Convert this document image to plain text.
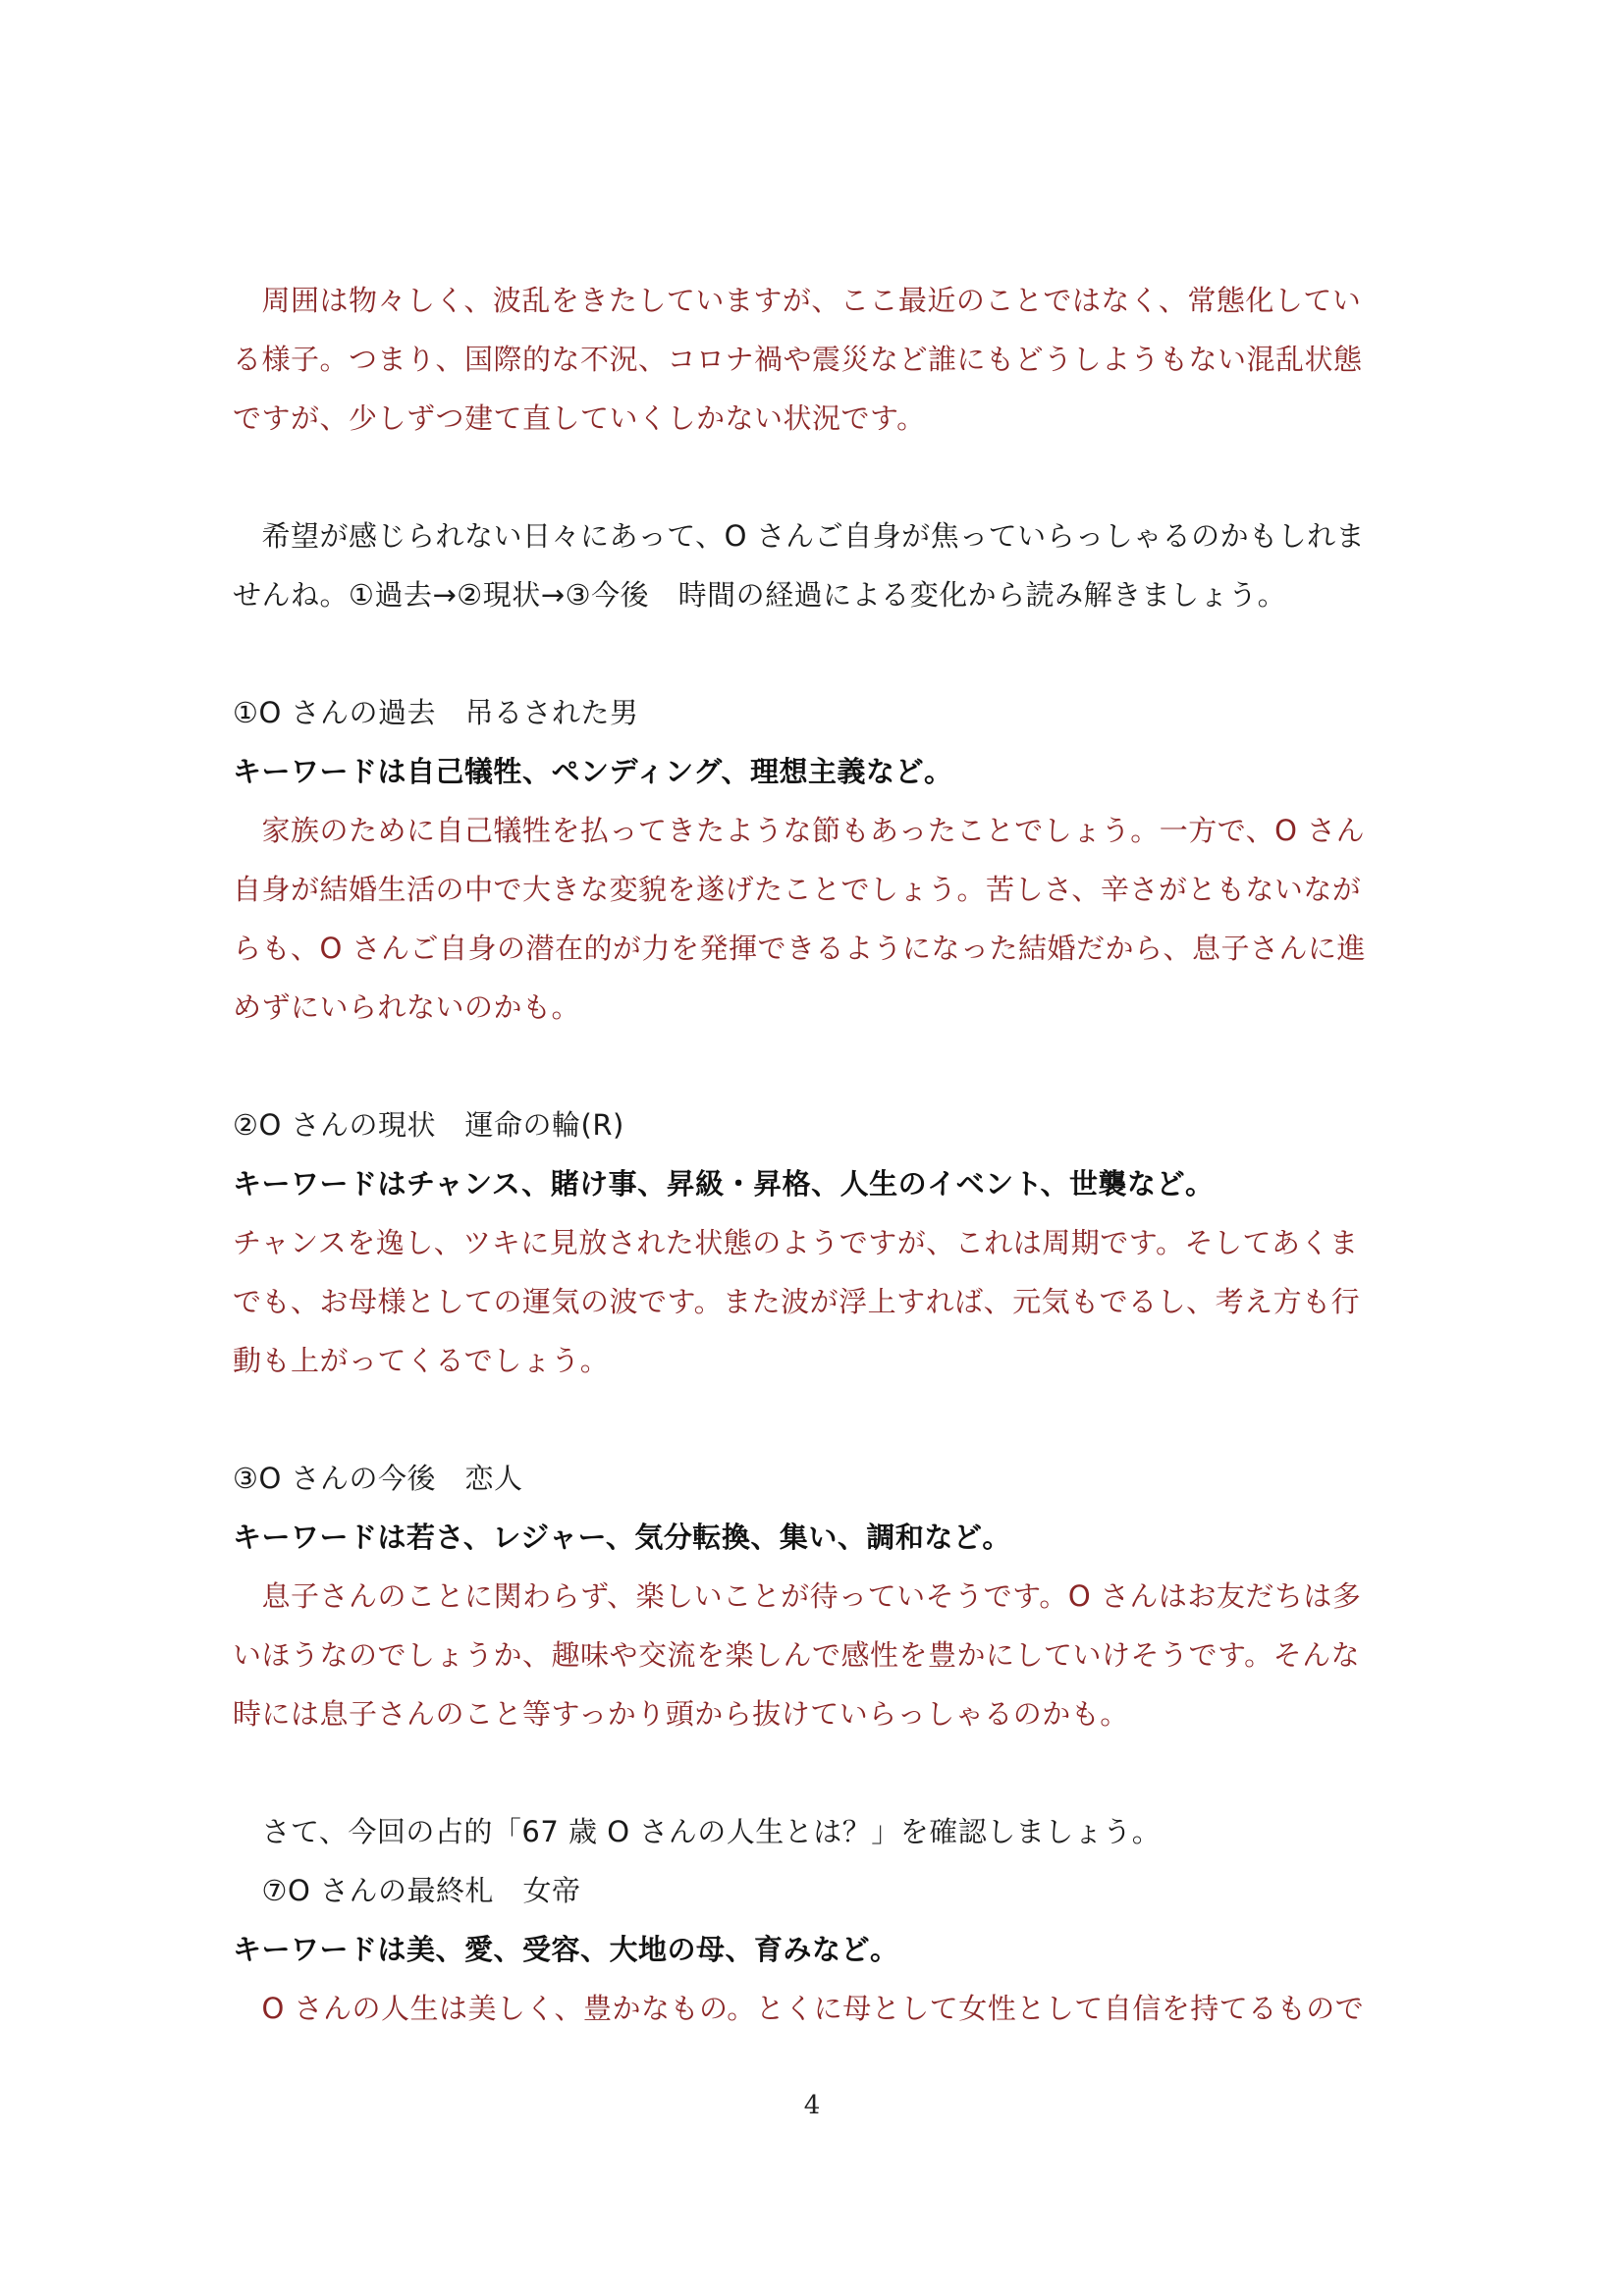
　周囲は物々しく、波乱をきたしていますが、ここ最近のことではなく、常態化してい
る様子。つまり、国際的な不況、コロナ禍や震災など誰にもどうしようもない混乱状態
ですが、少しずつ建て直していくしかない状況です。
　希望が感じられない日々にあって、O さんご自身が焦っていらっしゃるのかもしれま
せんね。①過去→②現状→③今後　時間の経過による変化から読み解きましょう。
①O さんの過去　吊るされた男
キーワードは自己犠牲、ペンディング、理想主義など。
　家族のために自己犠牲を払ってきたような節もあったことでしょう。一方で、O さん
自身が結婚生活の中で大きな変貌を遂げたことでしょう。苦しさ、辛さがともないなが
らも、O さんご自身の潜在的が力を発揮できるようになった結婚だから、息子さんに進
めずにいられないのかも。
②O さんの現状　運命の輪(R)
キーワードはチャンス、賭け事、昇級・昇格、人生のイベント、世襲など。
チャンスを逸し、ツキに見放された状態のようですが、これは周期です。そしてあくま
でも、お母様としての運気の波です。また波が浮上すれば、元気もでるし、考え方も行
動も上がってくるでしょう。
③O さんの今後　恋人
キーワードは若さ、レジャー、気分転換、集い、調和など。
　息子さんのことに関わらず、楽しいことが待っていそうです。O さんはお友だちは多
いほうなのでしょうか、趣味や交流を楽しんで感性を豊かにしていけそうです。そんな
時には息子さんのこと等すっかり頭から抜けていらっしゃるのかも。
　さて、今回の占的「67 歳 O さんの人生とは？」を確認しましょう。
　⑦O さんの最終札　女帝
キーワードは美、愛、受容、大地の母、育みなど。
　O さんの人生は美しく、豊かなもの。とくに母として女性として自信を持てるもので
4
